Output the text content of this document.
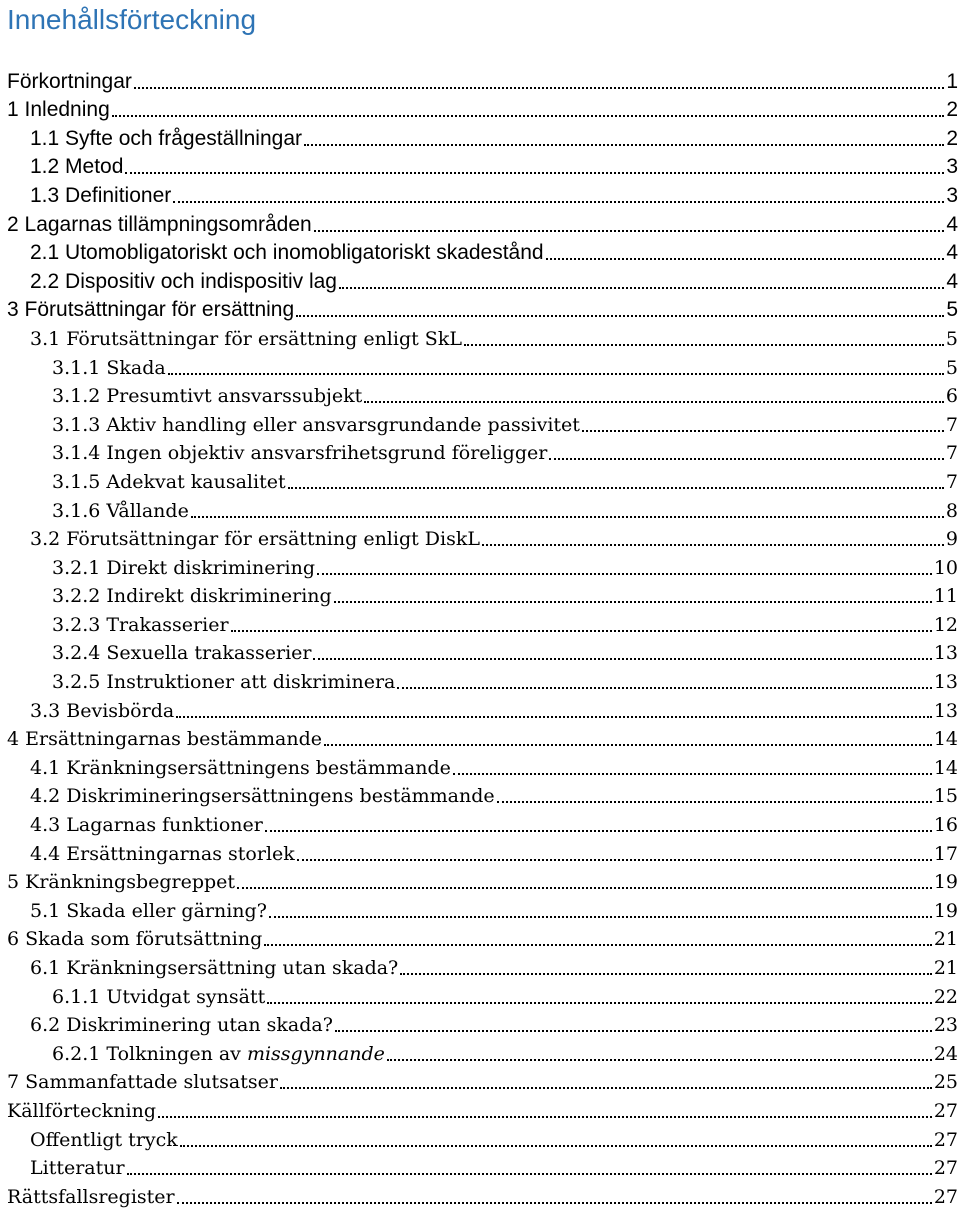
Innehållsförteckning
Förkortningar	1
1 Inledning	2
1.1 Syfte och frågeställningar	2
1.2 Metod	3
1.3 Definitioner	3
2 Lagarnas tillämpningsområden	4
2.1 Utomobligatoriskt och inomobligatoriskt skadestånd	4
2.2 Dispositiv och indispositiv lag	4
3 Förutsättningar för ersättning	5
3.1 Förutsättningar för ersättning enligt SkL	5
3.1.1 Skada	5
3.1.2 Presumtivt ansvarssubjekt	6
3.1.3 Aktiv handling eller ansvarsgrundande passivitet	7
3.1.4 Ingen objektiv ansvarsfrihetsgrund föreligger	7
3.1.5 Adekvat kausalitet	7
3.1.6 Vållande	8
3.2 Förutsättningar för ersättning enligt DiskL	9
3.2.1 Direkt diskriminering	10
3.2.2 Indirekt diskriminering	11
3.2.3 Trakasserier	12
3.2.4 Sexuella trakasserier	13
3.2.5 Instruktioner att diskriminera	13
3.3 Bevisbörda	13
4 Ersättningarnas bestämmande	14
4.1 Kränkningsersättningens bestämmande	14
4.2 Diskrimineringsersättningens bestämmande	15
4.3 Lagarnas funktioner	16
4.4 Ersättningarnas storlek	17
5 Kränkningsbegreppet	19
5.1 Skada eller gärning?	19
6 Skada som förutsättning	21
6.1 Kränkningsersättning utan skada?	21
6.1.1 Utvidgat synsätt	22
6.2 Diskriminering utan skada?	23
6.2.1 Tolkningen av missgynnande	24
7 Sammanfattade slutsatser	25
Källförteckning	27
Offentligt tryck	27
Litteratur	27
Rättsfallsregister	27
